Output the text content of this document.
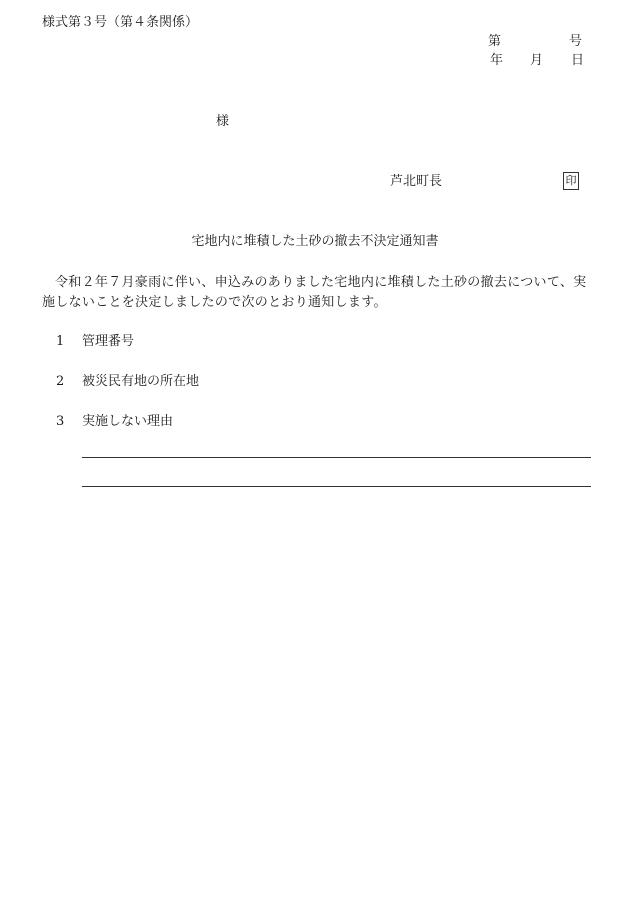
様式第３号（第４条関係）
第	号
年 月 日
様
芦北町長	印
宅地内に堆積した土砂の撤去不決定通知書
令和２年７月豪雨に伴い、申込みのありました宅地内に堆積した土砂の撤去について、実施しないことを決定しましたので次のとおり通知します。
1 管理番号
2 被災民有地の所在地
3 実施しない理由
